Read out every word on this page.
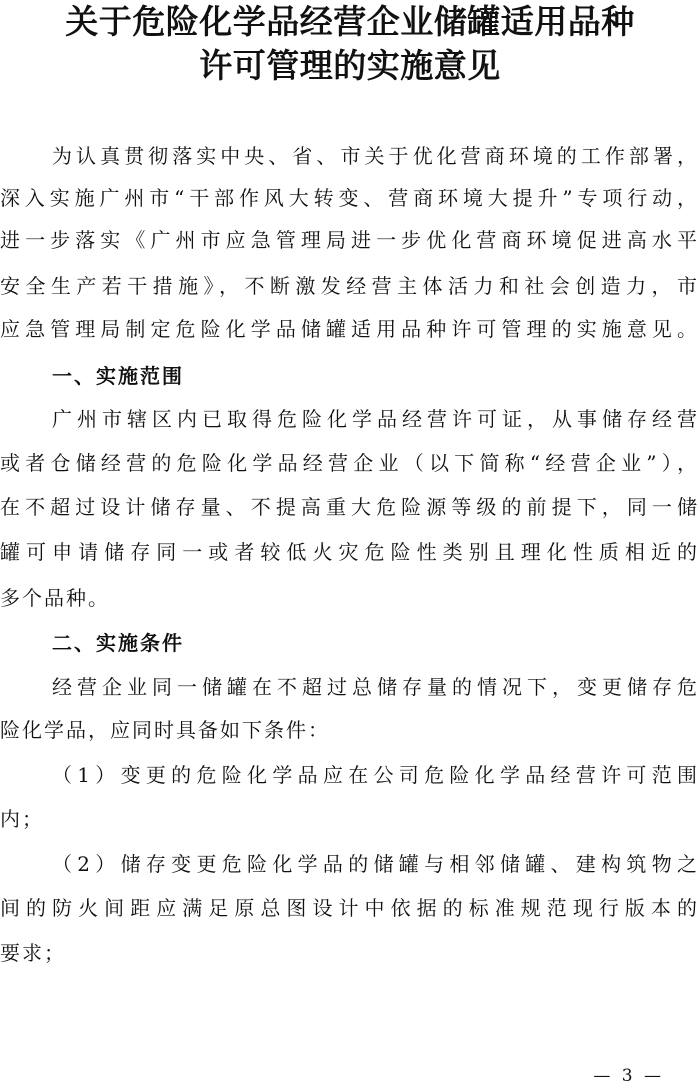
关于危险化学品经营企业储罐适用品种
许可管理的实施意见
为认真贯彻落实中央、省、市关于优化营商环境的工作部署，
深入实施广州市“干部作风大转变、营商环境大提升”专项行动，
进一步落实《广州市应急管理局进一步优化营商环境促进高水平
安全生产若干措施》，不断激发经营主体活力和社会创造力，市
应急管理局制定危险化学品储罐适用品种许可管理的实施意见。
一、实施范围
广州市辖区内已取得危险化学品经营许可证，从事储存经营
或者仓储经营的危险化学品经营企业（以下简称“经营企业”），
在不超过设计储存量、不提高重大危险源等级的前提下，同一储
罐可申请储存同一或者较低火灾危险性类别且理化性质相近的
多个品种。
二、实施条件
经营企业同一储罐在不超过总储存量的情况下，变更储存危
险化学品，应同时具备如下条件：
（1）变更的危险化学品应在公司危险化学品经营许可范围
内；
（2）储存变更危险化学品的储罐与相邻储罐、建构筑物之
间的防火间距应满足原总图设计中依据的标准规范现行版本的
要求；
— 3 —
